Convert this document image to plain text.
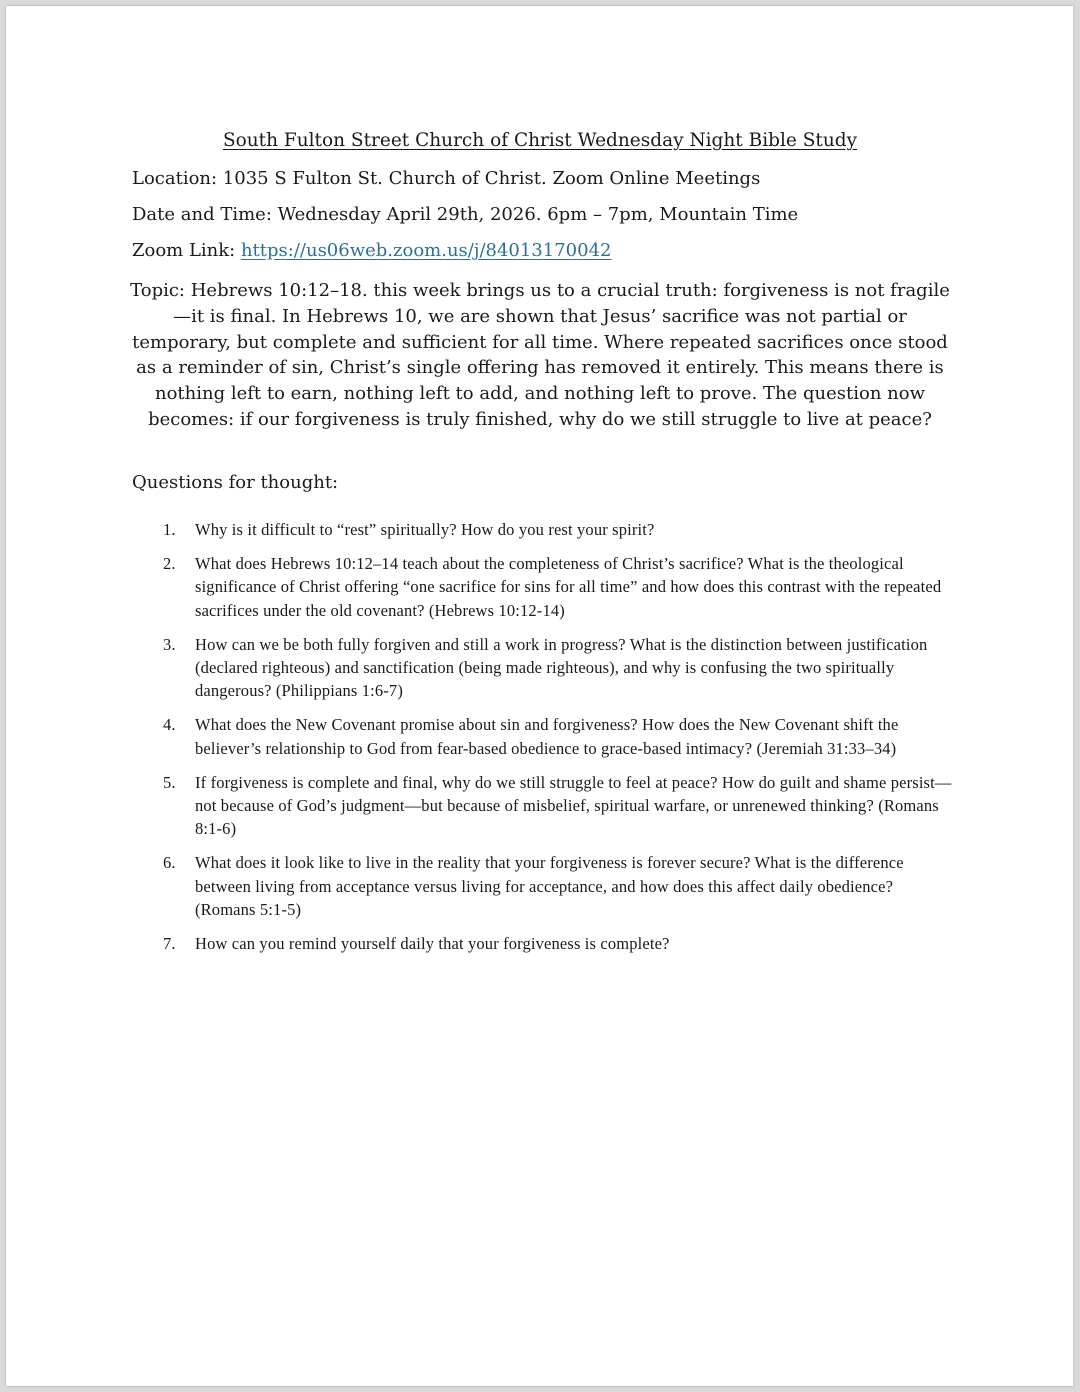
South Fulton Street Church of Christ Wednesday Night Bible Study

Location: 1035 S Fulton St. Church of Christ. Zoom Online Meetings

Date and Time: Wednesday April 29th, 2026. 6pm – 7pm, Mountain Time

Zoom Link: https://us06web.zoom.us/j/84013170042

Topic: Hebrews 10:12–18. this week brings us to a crucial truth: forgiveness is not fragile—it is final. In Hebrews 10, we are shown that Jesus’ sacrifice was not partial or temporary, but complete and sufficient for all time. Where repeated sacrifices once stood as a reminder of sin, Christ’s single offering has removed it entirely. This means there is nothing left to earn, nothing left to add, and nothing left to prove. The question now becomes: if our forgiveness is truly finished, why do we still struggle to live at peace?

Questions for thought:

1. Why is it difficult to “rest” spiritually? How do you rest your spirit?
2. What does Hebrews 10:12–14 teach about the completeness of Christ’s sacrifice? What is the theological significance of Christ offering “one sacrifice for sins for all time” and how does this contrast with the repeated sacrifices under the old covenant? (Hebrews 10:12-14)
3. How can we be both fully forgiven and still a work in progress? What is the distinction between justification (declared righteous) and sanctification (being made righteous), and why is confusing the two spiritually dangerous? (Philippians 1:6-7)
4. What does the New Covenant promise about sin and forgiveness? How does the New Covenant shift the believer’s relationship to God from fear-based obedience to grace-based intimacy? (Jeremiah 31:33–34)
5. If forgiveness is complete and final, why do we still struggle to feel at peace? How do guilt and shame persist—not because of God’s judgment—but because of misbelief, spiritual warfare, or unrenewed thinking? (Romans 8:1-6)
6. What does it look like to live in the reality that your forgiveness is forever secure? What is the difference between living from acceptance versus living for acceptance, and how does this affect daily obedience? (Romans 5:1-5)
7. How can you remind yourself daily that your forgiveness is complete?
